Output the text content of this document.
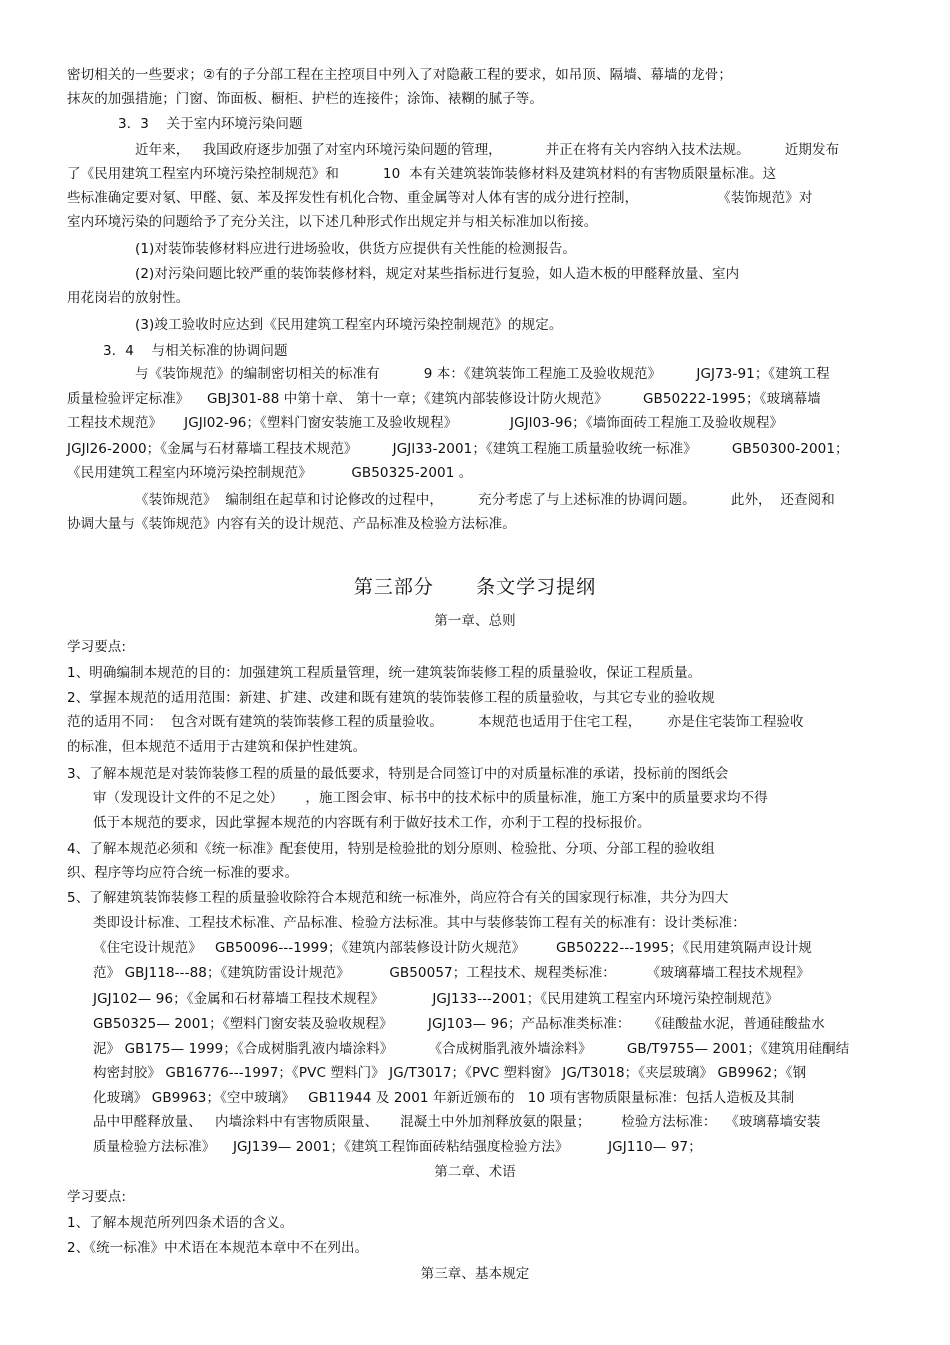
密切相关的一些要求；②有的子分部工程在主控项目中列入了对隐蔽工程的要求，如吊顶、隔墙、幕墙的龙骨；
抹灰的加强措施；门窗、饰面板、橱柜、护栏的连接件；涂饰、裱糊的腻子等。
3．3    关于室内环境污染问题
近年来，   我国政府逐步加强了对室内环境污染问题的管理，          并正在将有关内容纳入技术法规。        近期发布
了《民用建筑工程室内环境污染控制规范》和          10  本有关建筑装饰装修材料及建筑材料的有害物质限量标准。这
些标准确定要对氡、甲醛、氨、苯及挥发性有机化合物、重金属等对人体有害的成分进行控制，                  《装饰规范》对
室内环境污染的问题给予了充分关注，以下述几种形式作出规定并与相关标准加以衔接。
(1)对装饰装修材料应进行进场验收，供货方应提供有关性能的检测报告。
(2)对污染问题比较严重的装饰装修材料，规定对某些指标进行复验，如人造木板的甲醛释放量、室内
用花岗岩的放射性。
(3)竣工验收时应达到《民用建筑工程室内环境污染控制规范》的规定。
3．4    与相关标准的协调问题
与《装饰规范》的编制密切相关的标准有          9 本：《建筑装饰工程施工及验收规范》        JGJ73-91；《建筑工程
质量检验评定标准》    GBJ301-88 中第十章、 第十一章；《建筑内部装修设计防火规范》        GB50222-1995；《玻璃幕墙
工程技术规范》     JGJl02-96；《塑料门窗安装施工及验收规程》            JGJl03-96；《墙饰面砖工程施工及验收规程》
JGJl26-2000；《金属与石材幕墙工程技术规范》        JGJl33-2001；《建筑工程施工质量验收统一标准》        GB50300-2001；
《民用建筑工程室内环境污染控制规范》         GB50325-2001 。
《装饰规范》  编制组在起草和讨论修改的过程中，        充分考虑了与上述标准的协调问题。        此外，  还查阅和
协调大量与《装饰规范》内容有关的设计规范、产品标准及检验方法标准。
第三部分      条文学习提纲
第一章、总则
学习要点:
1、明确编制本规范的目的：加强建筑工程质量管理，统一建筑装饰装修工程的质量验收，保证工程质量。
2、掌握本规范的适用范围：新建、扩建、改建和既有建筑的装饰装修工程的质量验收，与其它专业的验收规
范的适用不同：  包含对既有建筑的装饰装修工程的质量验收。        本规范也适用于住宅工程，      亦是住宅装饰工程验收
的标准，但本规范不适用于古建筑和保护性建筑。
3、了解本规范是对装饰装修工程的质量的最低要求，特别是合同签订中的对质量标准的承诺，投标前的图纸会
审（发现设计文件的不足之处）     ，施工图会审、标书中的技术标中的质量标准，施工方案中的质量要求均不得
低于本规范的要求，因此掌握本规范的内容既有利于做好技术工作，亦利于工程的投标报价。
4、了解本规范必须和《统一标准》配套使用，特别是检验批的划分原则、检验批、分项、分部工程的验收组
织、程序等均应符合统一标准的要求。
5、了解建筑装饰装修工程的质量验收除符合本规范和统一标准外，尚应符合有关的国家现行标准，共分为四大
类即设计标准、工程技术标准、产品标准、检验方法标准。其中与装修装饰工程有关的标准有：设计类标准：
《住宅设计规范》   GB50096---1999；《建筑内部装修设计防火规范》       GB50222---1995；《民用建筑隔声设计规
范》 GBJ118---88；《建筑防雷设计规范》         GB50057；工程技术、规程类标准：       《玻璃幕墙工程技术规程》
JGJ102— 96；《金属和石材幕墙工程技术规程》           JGJ133---2001；《民用建筑工程室内环境污染控制规范》
GB50325— 2001；《塑料门窗安装及验收规程》        JGJ103— 96；产品标准类标准：    《硅酸盐水泥，普通硅酸盐水
泥》 GB175— 1999；《合成树脂乳液内墙涂料》        《合成树脂乳液外墙涂料》        GB/T9755— 2001；《建筑用硅酮结
构密封胶》 GB16776---1997；《PVC 塑料门》 JG/T3017；《PVC 塑料窗》 JG/T3018；《夹层玻璃》 GB9962；《钢
化玻璃》 GB9963；《空中玻璃》   GB11944 及 2001 年新近颁布的   10 项有害物质限量标准：包括人造板及其制
品中甲醛释放量、   内墙涂料中有害物质限量、     混凝土中外加剂释放氨的限量；       检验方法标准：  《玻璃幕墙安装
质量检验方法标准》    JGJ139— 2001；《建筑工程饰面砖粘结强度检验方法》         JGJ110— 97；
第二章、术语
学习要点:
1、了解本规范所列四条术语的含义。
2、《统一标准》中术语在本规范本章中不在列出。
第三章、基本规定
